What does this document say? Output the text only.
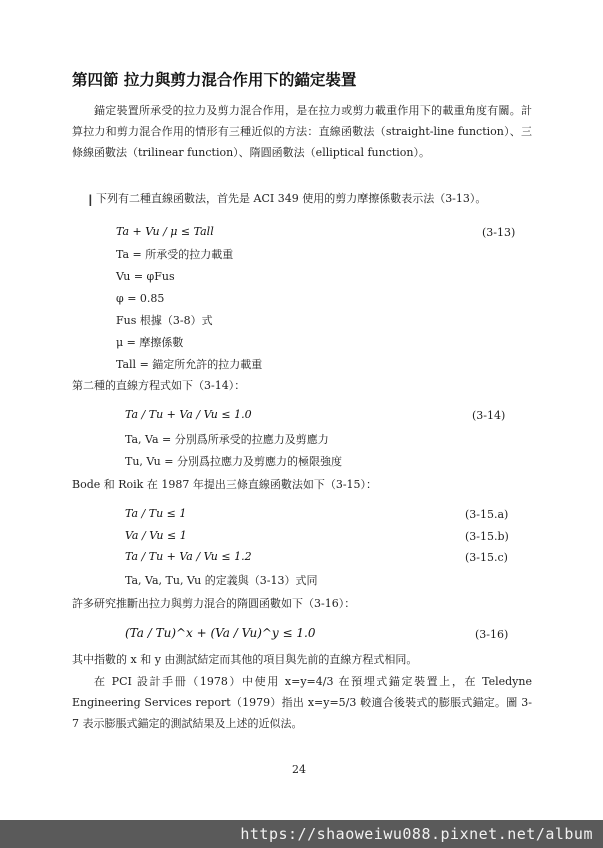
第四節 拉力與剪力混合作用下的錨定裝置
錨定裝置所承受的拉力及剪力混合作用，是在拉力或剪力載重作用下的載重角度有關。計算拉力和剪力混合作用的情形有三種近似的方法：直線函數法（straight-line function）、三條線函數法（trilinear function）、隋圓函數法（elliptical function）。
I 下列有二種直線函數法，首先是 ACI 349 使用的剪力摩擦係數表示法（3-13）。
Ta + Vu / μ ≤ Tall	(3-13)
Ta = 所承受的拉力載重
Vu = φFus
φ = 0.85
Fus 根據（3-8）式
μ = 摩擦係數
Tall = 錨定所允許的拉力載重
第二種的直線方程式如下（3-14）：
Ta / Tu + Va / Vu ≤ 1.0	(3-14)
Ta, Va = 分別爲所承受的拉應力及剪應力
Tu, Vu = 分別爲拉應力及剪應力的極限強度
Bode 和 Roik 在 1987 年提出三條直線函數法如下（3-15）：
Ta / Tu ≤ 1	(3-15.a)
Va / Vu ≤ 1	(3-15.b)
Ta / Tu + Va / Vu ≤ 1.2	(3-15.c)
Ta, Va, Tu, Vu 的定義與（3-13）式同
許多研究推斷出拉力與剪力混合的隋圓函數如下（3-16）：
(Ta / Tu)^x + (Va / Vu)^y ≤ 1.0	(3-16)
其中指數的 x 和 y 由測試結定而其他的項目與先前的直線方程式相同。
在 PCI 設計手冊（1978）中使用 x=y=4/3 在預埋式錨定裝置上，在 Teledyne Engineering Services report（1979）指出 x=y=5/3 較適合後裝式的膨脹式錨定。圖 3-7 表示膨脹式錨定的測試結果及上述的近似法。
24
https://shaoweiwu088.pixnet.net/album
